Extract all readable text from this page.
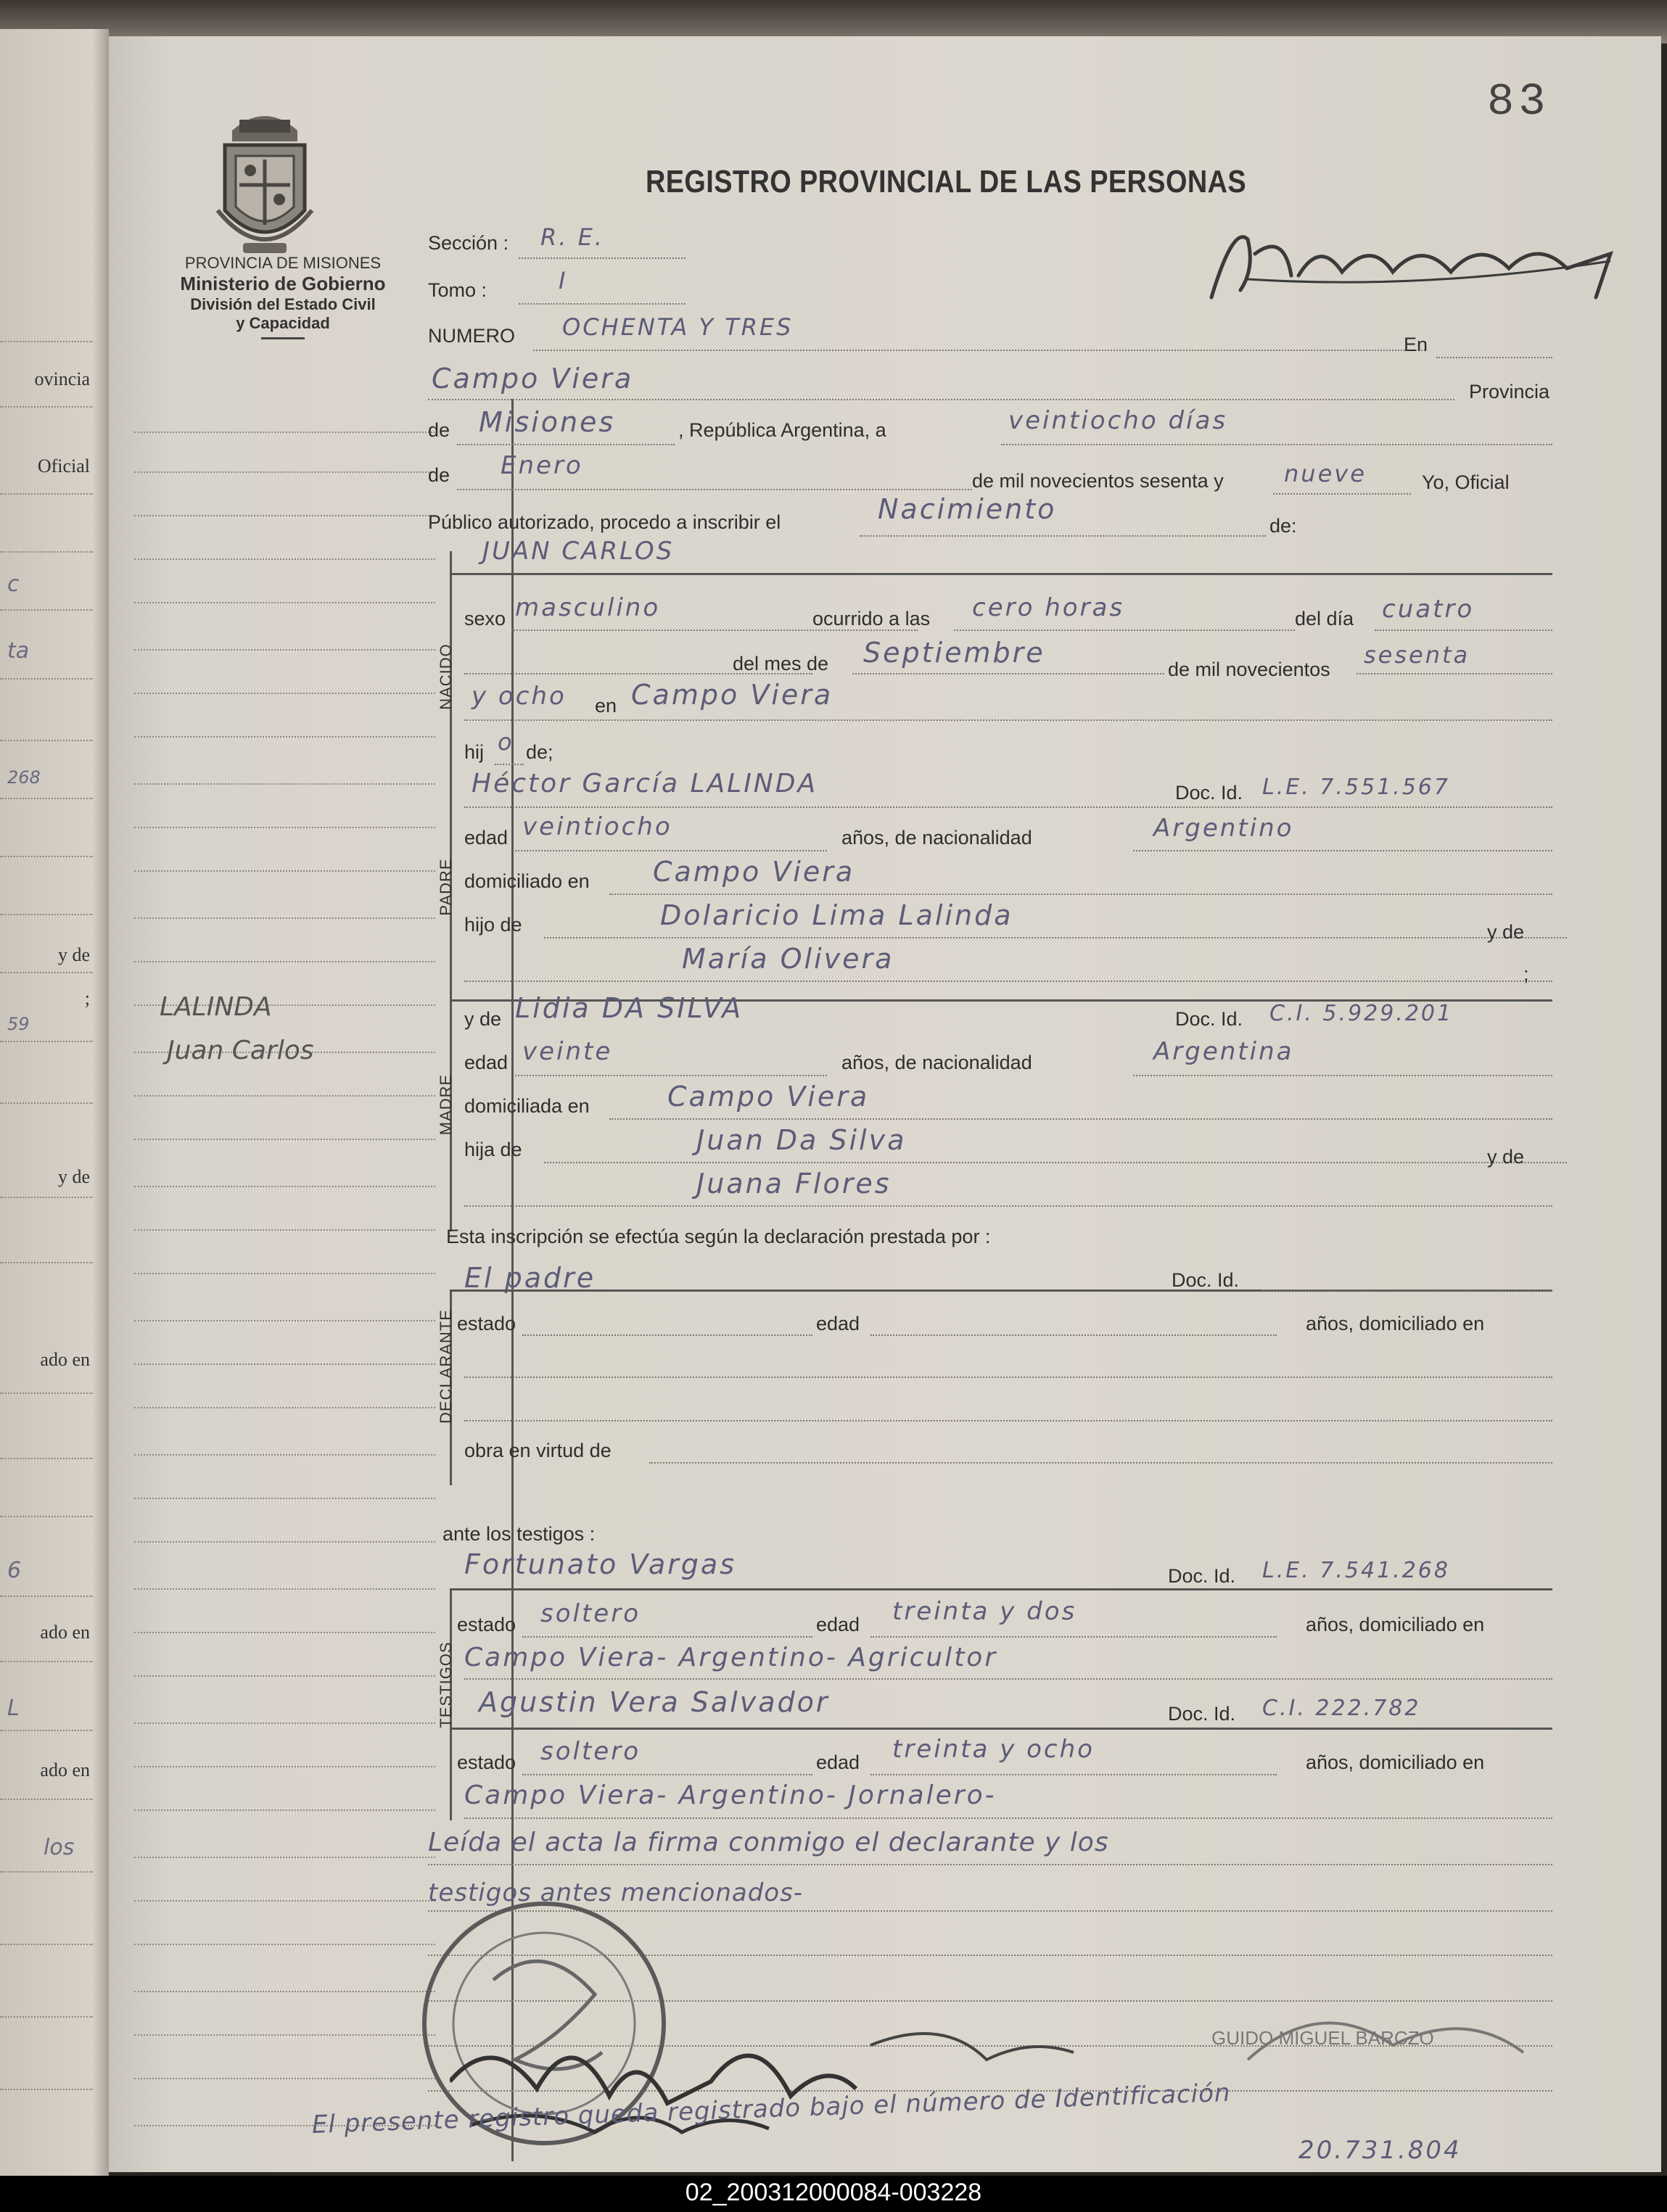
ovincia
Oficial
c
ta
268
y de
;
59
y de
ado en
6
ado en
L
ado en
los
PROVINCIA DE MISIONES
Ministerio de Gobierno
División del Estado Civil
y Capacidad
83
REGISTRO PROVINCIAL DE LAS PERSONAS
LALINDA
Juan Carlos
Sección : R. E.
Tomo :	I
NUMERO OCHENTA Y TRES
En
Campo Viera	Provincia
de Misiones	, República Argentina, a	veintiocho días
de Enero
de mil novecientos sesenta y	nueve	Yo, Oficial
Público autorizado, procedo a inscribir el	Nacimiento
de:
NACIDO
JUAN CARLOS
sexo masculino	ocurrido a las cero horas	del día cuatro
del mes de Septiembre
de mil novecientos
sesenta
y ocho en Campo Viera
hij o de;
PADRE
Héctor García LALINDA	Doc. Id. L.E. 7.551.567
edad veintiocho	años, de nacionalidad	Argentino
domiciliado en Campo Viera
hijo de	Dolaricio Lima Lalinda
y de
María Olivera	;
MADRE
y de Lidia DA SILVA	Doc. Id. C.I. 5.929.201
edad veinte	años, de nacionalidad	Argentina
domiciliada en	Campo Viera
hija de	Juan Da Silva
y de
Juana Flores
Esta inscripción se efectúa según la declaración prestada por :
El padre
DECLARANTE
Doc. Id.
estado	edad	años, domiciliado en
obra en virtud de
ante los testigos :
Fortunato Vargas	Doc. Id. L.E. 7.541.268
TESTIGOS
estado soltero	edad treinta y dos	años, domiciliado en
Campo Viera- Argentino- Agricultor
Agustin Vera Salvador	Doc. Id. C.I. 222.782
estado soltero	edad treinta y ocho	años, domiciliado en
Campo Viera- Argentino- Jornalero-
Leída el acta la firma conmigo el declarante y los
testigos antes mencionados-
GUIDO MIGUEL BARCZO
El presente registro queda registrado bajo el número de Identificación
20.731.804
02_200312000084-003228
